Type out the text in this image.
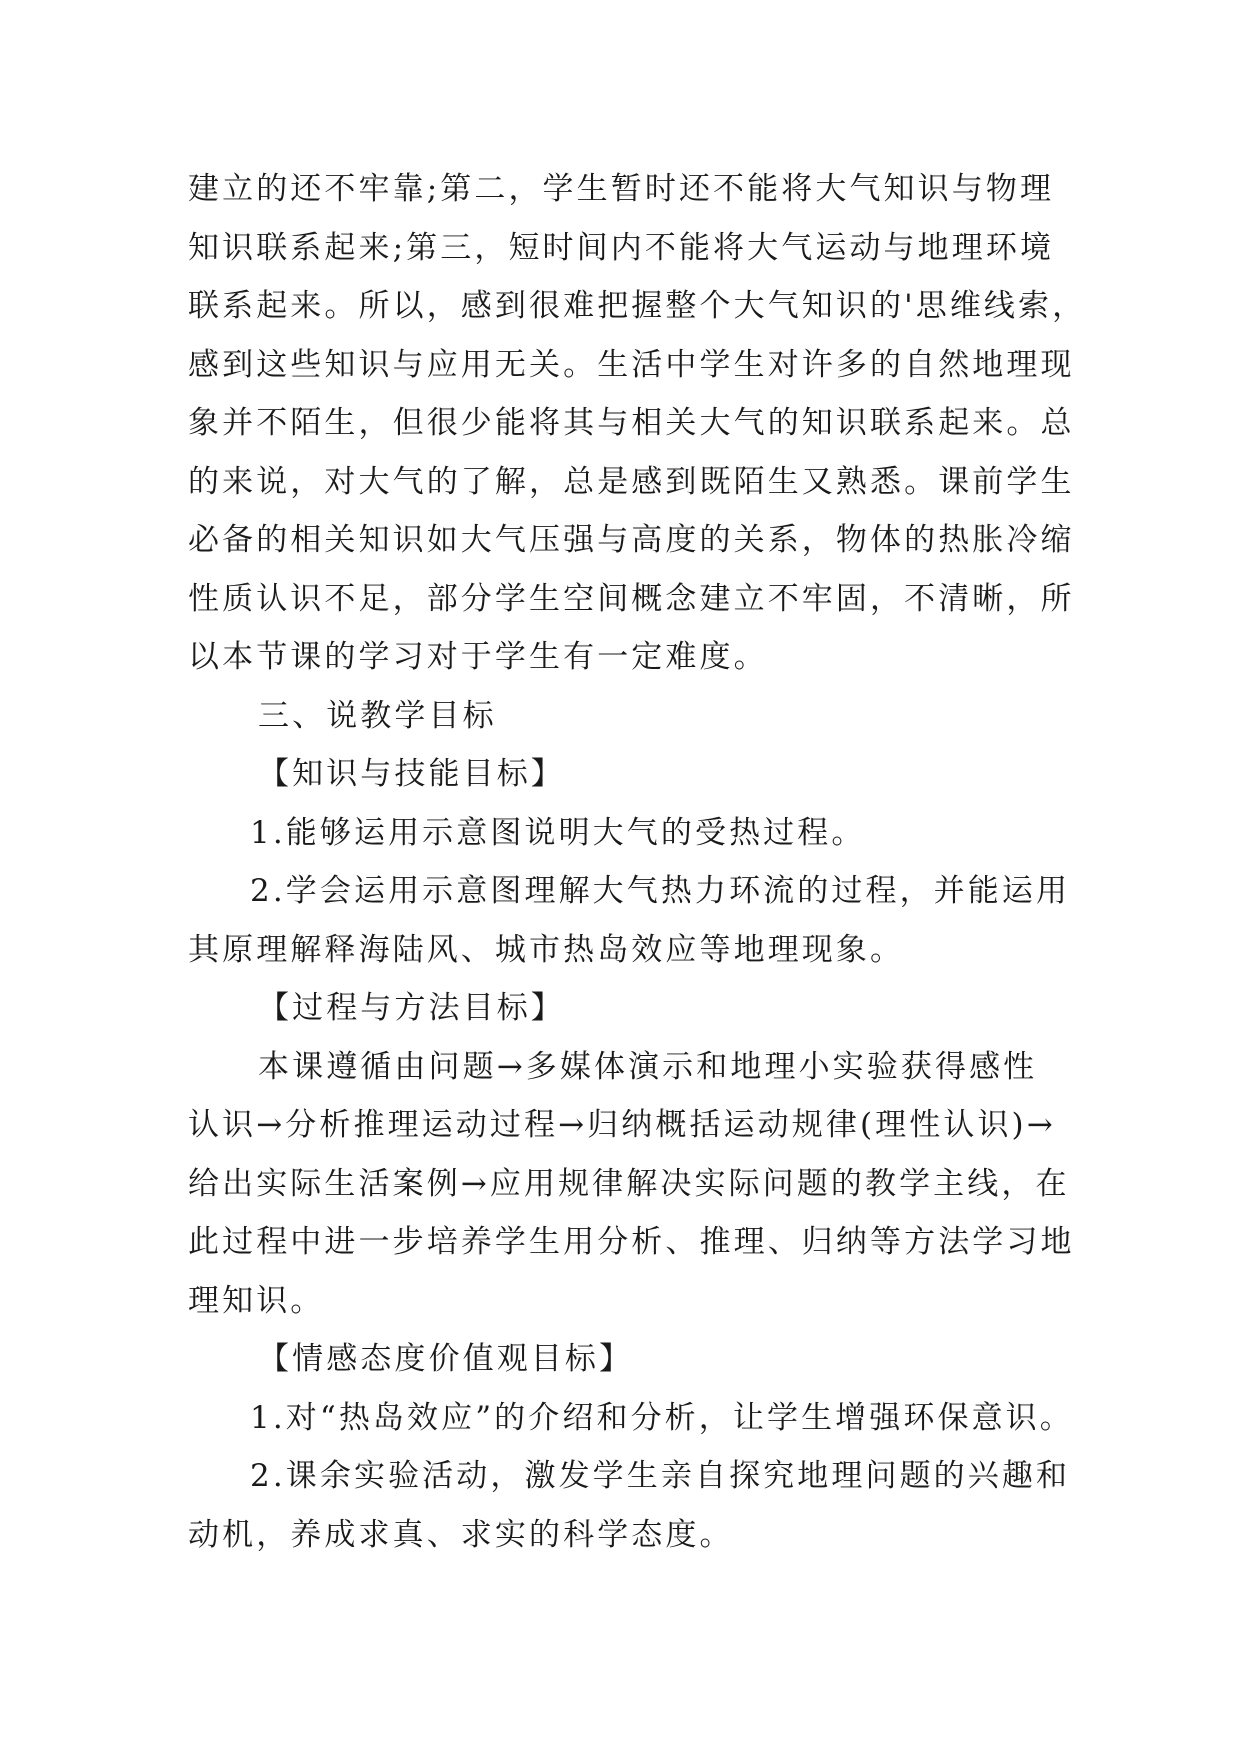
建立的还不牢靠;第二，学生暂时还不能将大气知识与物理
知识联系起来;第三，短时间内不能将大气运动与地理环境
联系起来。所以，感到很难把握整个大气知识的'思维线索，
感到这些知识与应用无关。生活中学生对许多的自然地理现
象并不陌生，但很少能将其与相关大气的知识联系起来。总
的来说，对大气的了解，总是感到既陌生又熟悉。课前学生
必备的相关知识如大气压强与高度的关系，物体的热胀冷缩
性质认识不足，部分学生空间概念建立不牢固，不清晰，所
以本节课的学习对于学生有一定难度。
三、说教学目标
【知识与技能目标】
1.能够运用示意图说明大气的受热过程。
2.学会运用示意图理解大气热力环流的过程，并能运用
其原理解释海陆风、城市热岛效应等地理现象。
【过程与方法目标】
本课遵循由问题→多媒体演示和地理小实验获得感性
认识→分析推理运动过程→归纳概括运动规律(理性认识)→
给出实际生活案例→应用规律解决实际问题的教学主线，在
此过程中进一步培养学生用分析、推理、归纳等方法学习地
理知识。
【情感态度价值观目标】
1.对“热岛效应”的介绍和分析，让学生增强环保意识。
2.课余实验活动，激发学生亲自探究地理问题的兴趣和
动机，养成求真、求实的科学态度。
